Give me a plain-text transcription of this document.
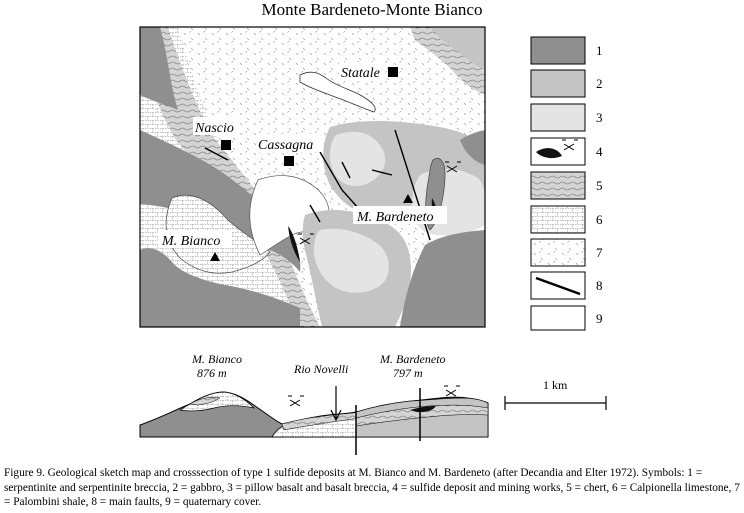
Monte Bardeneto-Monte Bianco
Statale
Nascio
Cassagna
M. Bardeneto
M. Bianco
1
2
3
4
5
6
7
8
9
M. Bianco
876 m	Rio Novelli
M. Bardeneto
797 m
1 km
Figure 9. Geological sketch map and crosssection of type 1 sulfide deposits at M. Bianco and M. Bardeneto (after Decandia and Elter 1972). Symbols: 1 = serpentinite and serpentinite breccia, 2 = gabbro, 3 = pillow basalt and basalt breccia, 4 = sulfide deposit and mining works, 5 = chert, 6 = Calpionella limestone, 7 = Palombini shale, 8 = main faults, 9 = quaternary cover.
